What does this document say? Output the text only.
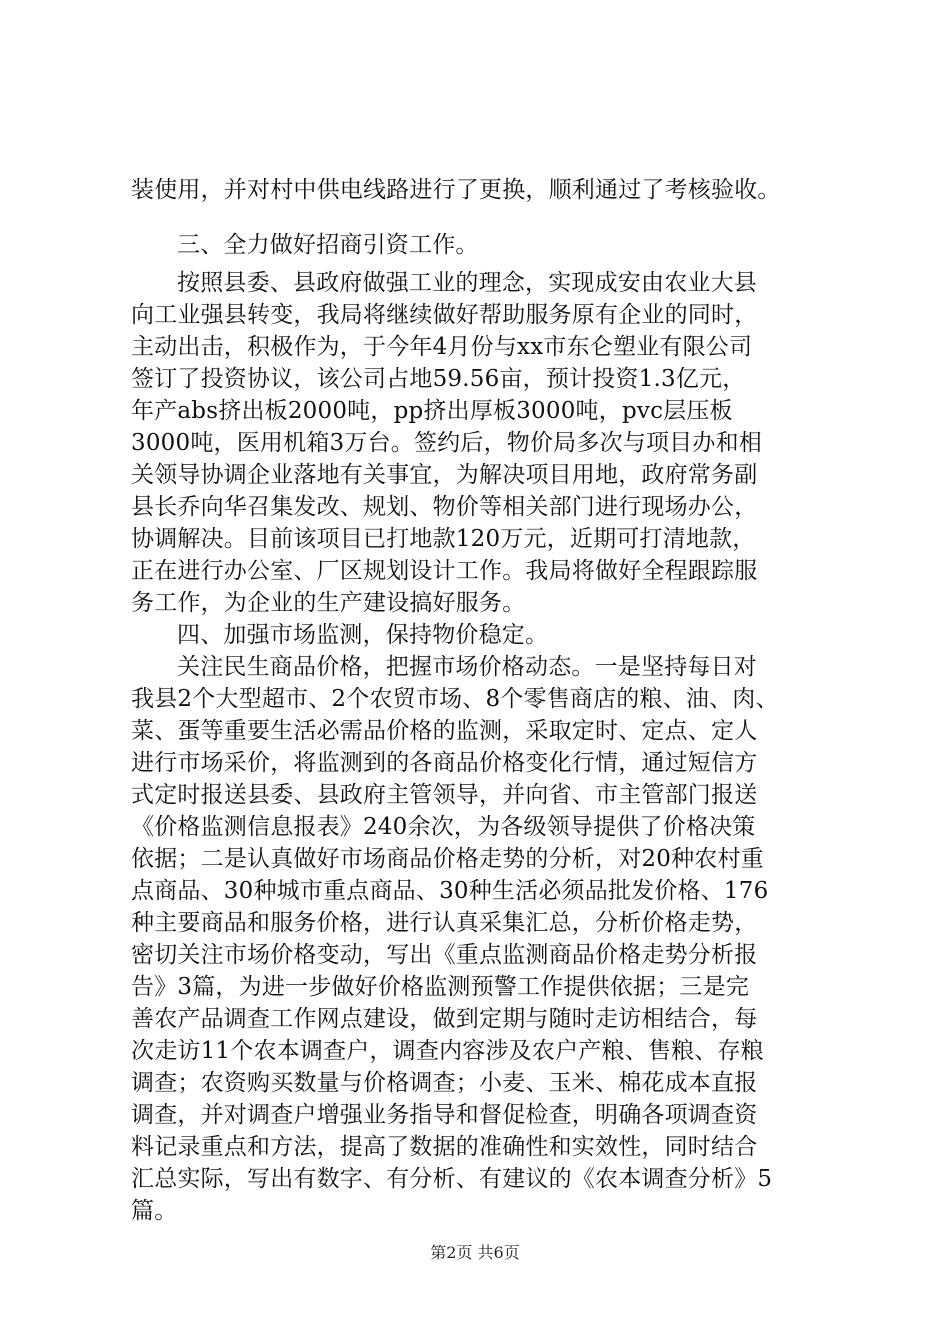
装使用，并对村中供电线路进行了更换，顺利通过了考核验收。
三、全力做好招商引资工作。
按照县委、县政府做强工业的理念，实现成安由农业大县
向工业强县转变，我局将继续做好帮助服务原有企业的同时，
主动出击，积极作为，于今年4月份与xx市东仑塑业有限公司
签订了投资协议，该公司占地59.56亩，预计投资1.3亿元，
年产abs挤出板2000吨，pp挤出厚板3000吨，pvc层压板
3000吨，医用机箱3万台。签约后，物价局多次与项目办和相
关领导协调企业落地有关事宜，为解决项目用地，政府常务副
县长乔向华召集发改、规划、物价等相关部门进行现场办公，
协调解决。目前该项目已打地款120万元，近期可打清地款，
正在进行办公室、厂区规划设计工作。我局将做好全程跟踪服
务工作，为企业的生产建设搞好服务。
四、加强市场监测，保持物价稳定。
关注民生商品价格，把握市场价格动态。一是坚持每日对
我县2个大型超市、2个农贸市场、8个零售商店的粮、油、肉、
菜、蛋等重要生活必需品价格的监测，采取定时、定点、定人
进行市场采价，将监测到的各商品价格变化行情，通过短信方
式定时报送县委、县政府主管领导，并向省、市主管部门报送
《价格监测信息报表》240余次，为各级领导提供了价格决策
依据；二是认真做好市场商品价格走势的分析，对20种农村重
点商品、30种城市重点商品、30种生活必须品批发价格、176
种主要商品和服务价格，进行认真采集汇总，分析价格走势，
密切关注市场价格变动，写出《重点监测商品价格走势分析报
告》3篇，为进一步做好价格监测预警工作提供依据；三是完
善农产品调查工作网点建设，做到定期与随时走访相结合，每
次走访11个农本调查户，调查内容涉及农户产粮、售粮、存粮
调查；农资购买数量与价格调查；小麦、玉米、棉花成本直报
调查，并对调查户增强业务指导和督促检查，明确各项调查资
料记录重点和方法，提高了数据的准确性和实效性，同时结合
汇总实际，写出有数字、有分析、有建议的《农本调查分析》5
篇。
第2页 共6页
